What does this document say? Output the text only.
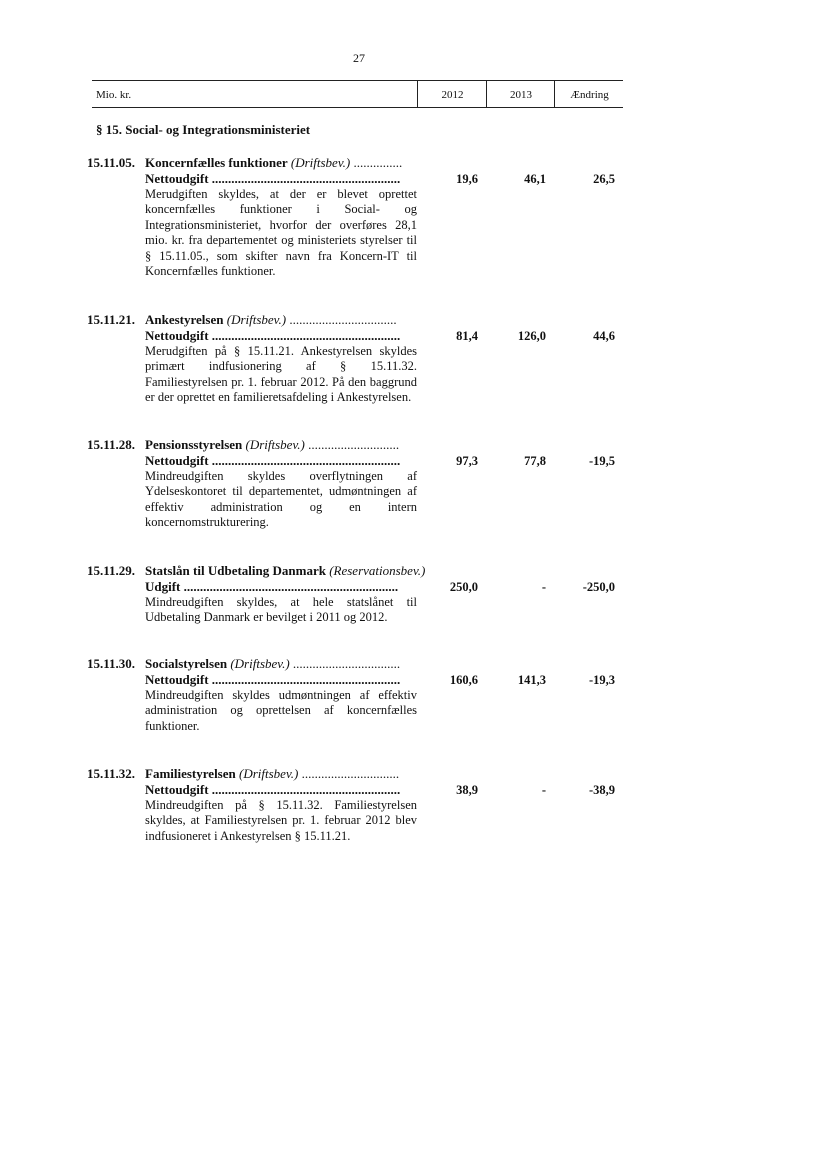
27
Mio. kr.	2012	2013	Ændring
§ 15. Social- og Integrationsministeriet
15.11.05. Koncernfælles funktioner (Driftsbev.) ...............
Nettoudgift ..........................................................	19,6	46,1	26,5
Merudgiften skyldes, at der er blevet oprettet koncernfælles funktioner i Social- og Integrationsministeriet, hvorfor der overføres 28,1 mio. kr. fra departementet og ministeriets styrelser til § 15.11.05., som skifter navn fra Koncern-IT til Koncernfælles funktioner.
15.11.21. Ankestyrelsen (Driftsbev.) .................................
Nettoudgift ..........................................................	81,4	126,0	44,6
Merudgiften på § 15.11.21. Ankestyrelsen skyldes primært indfusionering af § 15.11.32. Familiestyrelsen pr. 1. februar 2012. På den baggrund er der oprettet en familieretsafdeling i Ankestyrelsen.
15.11.28. Pensionsstyrelsen (Driftsbev.) ............................
Nettoudgift ..........................................................	97,3	77,8	-19,5
Mindreudgiften skyldes overflytningen af Ydelseskontoret til departementet, udmøntningen af effektiv administration og en intern koncernomstrukturering.
15.11.29. Statslån til Udbetaling Danmark (Reservationsbev.)
Udgift ..................................................................	250,0	-	-250,0
Mindreudgiften skyldes, at hele statslånet til Udbetaling Danmark er bevilget i 2011 og 2012.
15.11.30. Socialstyrelsen (Driftsbev.) .................................
Nettoudgift ..........................................................	160,6	141,3	-19,3
Mindreudgiften skyldes udmøntningen af effektiv administration og oprettelsen af koncernfælles funktioner.
15.11.32. Familiestyrelsen (Driftsbev.) ..............................
Nettoudgift ..........................................................	38,9	-	-38,9
Mindreudgiften på § 15.11.32. Familiestyrelsen skyldes, at Familiestyrelsen pr. 1. februar 2012 blev indfusioneret i Ankestyrelsen § 15.11.21.
